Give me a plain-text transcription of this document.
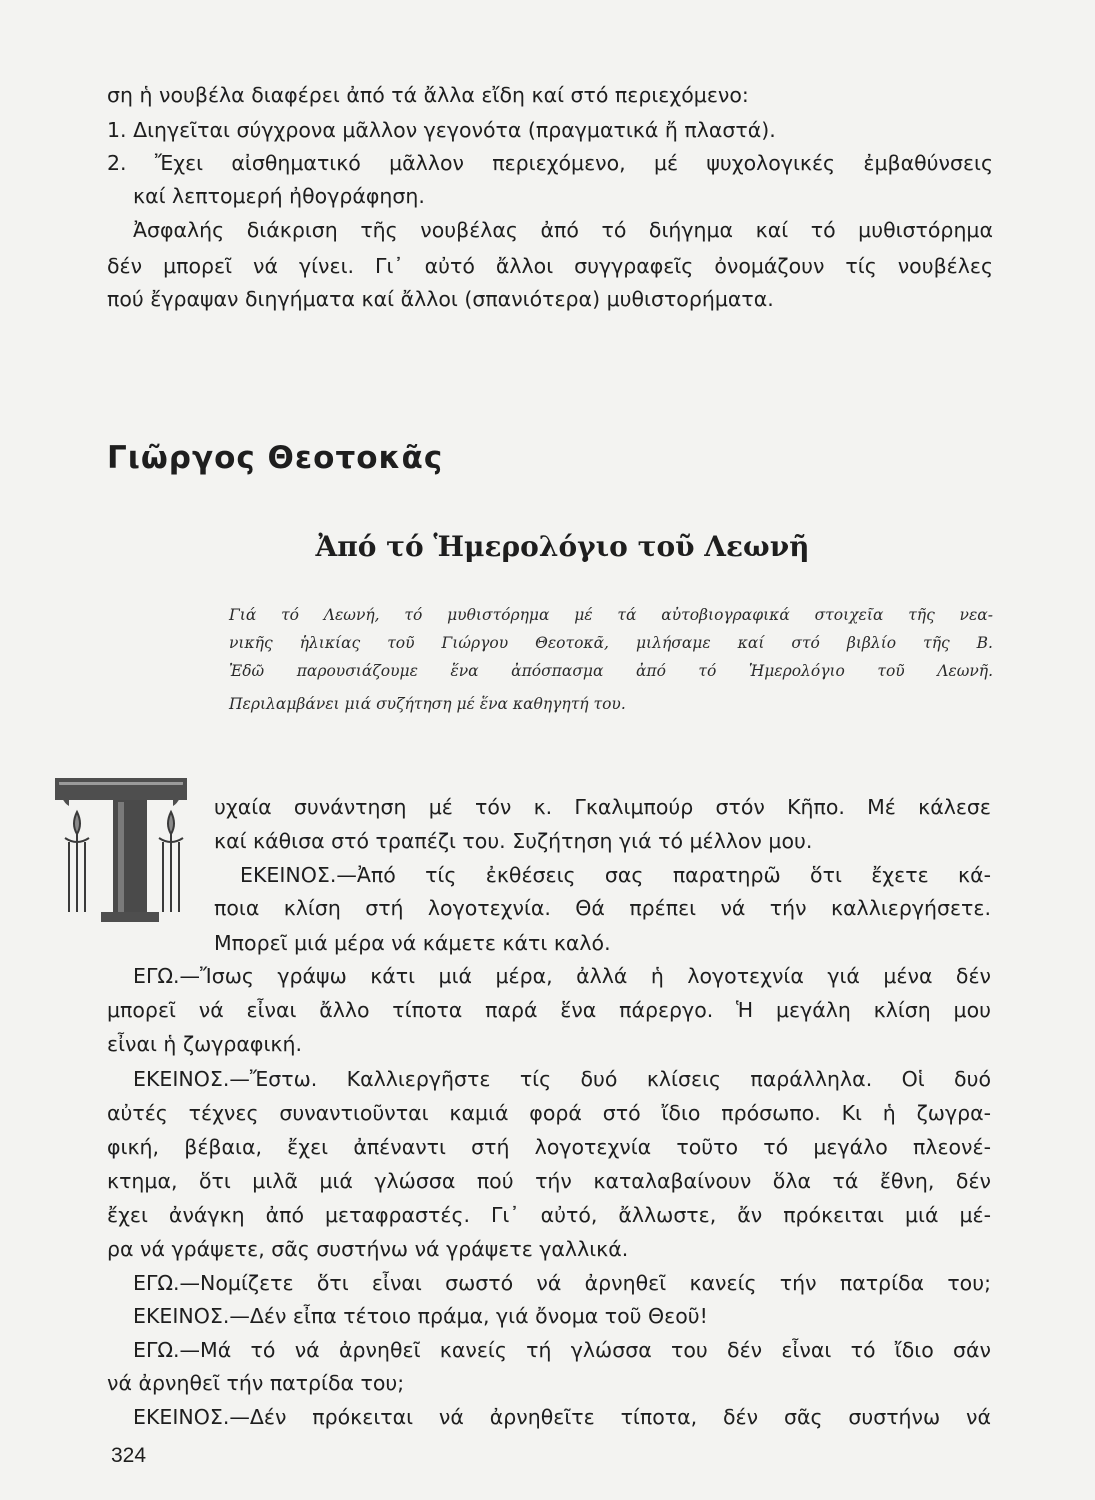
ση ἡ νουβέλα διαφέρει ἀπό τά ἄλλα εἴδη καί στό περιεχόμενο:
1. Διηγεῖται σύγχρονα μᾶλλον γεγονότα (πραγματικά ἤ πλαστά).
2. Ἔχει αἰσθηματικό μᾶλλον περιεχόμενο, μέ ψυχολογικές ἐμβαθύνσεις
καί λεπτομερή ἠθογράφηση.
Ἀσφαλής διάκριση τῆς νουβέλας ἀπό τό διήγημα καί τό μυθιστόρημα
δέν μπορεῖ νά γίνει. Γι᾿ αὐτό ἄλλοι συγγραφεῖς ὀνομάζουν τίς νουβέλες
πού ἔγραψαν διηγήματα καί ἄλλοι (σπανιότερα) μυθιστορήματα.
Γιῶργος Θεοτοκᾶς
Ἀπό τό Ἡμερολόγιο τοῦ Λεωνῆ
Γιά τό Λεωνή, τό μυθιστόρημα μέ τά αὐτοβιογραφικά στοιχεῖα τῆς νεα-
νικῆς ἡλικίας τοῦ Γιώργου Θεοτοκᾶ, μιλήσαμε καί στό βιβλίο τῆς Β.
Ἐδῶ παρουσιάζουμε ἕνα ἀπόσπασμα ἀπό τό Ἡμερολόγιο τοῦ Λεωνῆ.
Περιλαμβάνει μιά συζήτηση μέ ἕνα καθηγητή του.
υχαία συνάντηση μέ τόν κ. Γκαλιμπούρ στόν Κῆπο. Μέ κάλεσε
καί κάθισα στό τραπέζι του. Συζήτηση γιά τό μέλλον μου.
ΕΚΕΙΝΟΣ.—Ἀπό τίς ἐκθέσεις σας παρατηρῶ ὅτι ἔχετε κά-
ποια κλίση στή λογοτεχνία. Θά πρέπει νά τήν καλλιεργήσετε.
Μπορεῖ μιά μέρα νά κάμετε κάτι καλό.
ΕΓΩ.—Ἴσως γράψω κάτι μιά μέρα, ἀλλά ἡ λογοτεχνία γιά μένα δέν
μπορεῖ νά εἶναι ἄλλο τίποτα παρά ἕνα πάρεργο. Ἡ μεγάλη κλίση μου
εἶναι ἡ ζωγραφική.
ΕΚΕΙΝΟΣ.—Ἔστω. Καλλιεργῆστε τίς δυό κλίσεις παράλληλα. Οἱ δυό
αὐτές τέχνες συναντιοῦνται καμιά φορά στό ἴδιο πρόσωπο. Κι ἡ ζωγρα-
φική, βέβαια, ἔχει ἀπέναντι στή λογοτεχνία τοῦτο τό μεγάλο πλεονέ-
κτημα, ὅτι μιλᾶ μιά γλώσσα πού τήν καταλαβαίνουν ὅλα τά ἔθνη, δέν
ἔχει ἀνάγκη ἀπό μεταφραστές. Γι᾿ αὐτό, ἄλλωστε, ἄν πρόκειται μιά μέ-
ρα νά γράψετε, σᾶς συστήνω νά γράψετε γαλλικά.
ΕΓΩ.—Νομίζετε ὅτι εἶναι σωστό νά ἀρνηθεῖ κανείς τήν πατρίδα του;
ΕΚΕΙΝΟΣ.—Δέν εἶπα τέτοιο πράμα, γιά ὄνομα τοῦ Θεοῦ!
ΕΓΩ.—Μά τό νά ἀρνηθεῖ κανείς τή γλώσσα του δέν εἶναι τό ἴδιο σάν
νά ἀρνηθεῖ τήν πατρίδα του;
ΕΚΕΙΝΟΣ.—Δέν πρόκειται νά ἀρνηθεῖτε τίποτα, δέν σᾶς συστήνω νά
324
